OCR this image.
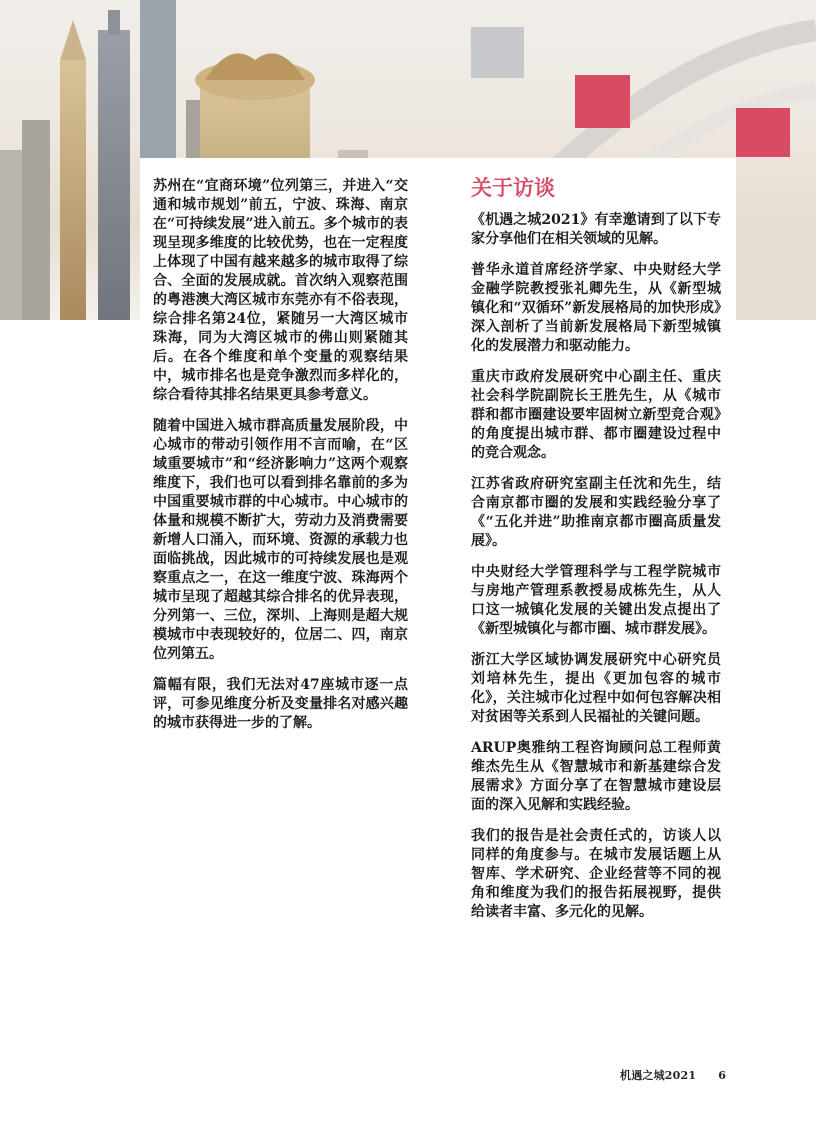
苏州在“宜商环境”位列第三，并进入“交通和城市规划”前五，宁波、珠海、南京在“可持续发展”进入前五。多个城市的表现呈现多维度的比较优势，也在一定程度上体现了中国有越来越多的城市取得了综合、全面的发展成就。首次纳入观察范围的粤港澳大湾区城市东莞亦有不俗表现，综合排名第24位，紧随另一大湾区城市珠海，同为大湾区城市的佛山则紧随其后。在各个维度和单个变量的观察结果中，城市排名也是竞争激烈而多样化的，综合看待其排名结果更具参考意义。

随着中国进入城市群高质量发展阶段，中心城市的带动引领作用不言而喻，在“区域重要城市”和“经济影响力”这两个观察维度下，我们也可以看到排名靠前的多为中国重要城市群的中心城市。中心城市的体量和规模不断扩大，劳动力及消费需要新增人口涌入，而环境、资源的承载力也面临挑战，因此城市的可持续发展也是观察重点之一，在这一维度宁波、珠海两个城市呈现了超越其综合排名的优异表现，分列第一、三位，深圳、上海则是超大规模城市中表现较好的，位居二、四，南京位列第五。

篇幅有限，我们无法对47座城市逐一点评，可参见维度分析及变量排名对感兴趣的城市获得进一步的了解。

关于访谈

《机遇之城2021》有幸邀请到了以下专家分享他们在相关领域的见解。

普华永道首席经济学家、中央财经大学金融学院教授张礼卿先生，从《新型城镇化和“双循环”新发展格局的加快形成》深入剖析了当前新发展格局下新型城镇化的发展潜力和驱动能力。

重庆市政府发展研究中心副主任、重庆社会科学院副院长王胜先生，从《城市群和都市圈建设要牢固树立新型竞合观》的角度提出城市群、都市圈建设过程中的竞合观念。

江苏省政府研究室副主任沈和先生，结合南京都市圈的发展和实践经验分享了《“五化并进”助推南京都市圈高质量发展》。

中央财经大学管理科学与工程学院城市与房地产管理系教授易成栋先生，从人口这一城镇化发展的关键出发点提出了《新型城镇化与都市圈、城市群发展》。

浙江大学区域协调发展研究中心研究员刘培林先生，提出《更加包容的城市化》，关注城市化过程中如何包容解决相对贫困等关系到人民福祉的关键问题。

ARUP奥雅纳工程咨询顾问总工程师黄维杰先生从《智慧城市和新基建综合发展需求》方面分享了在智慧城市建设层面的深入见解和实践经验。

我们的报告是社会责任式的，访谈人以同样的角度参与。在城市发展话题上从智库、学术研究、企业经营等不同的视角和维度为我们的报告拓展视野，提供给读者丰富、多元化的见解。

机遇之城2021 6
